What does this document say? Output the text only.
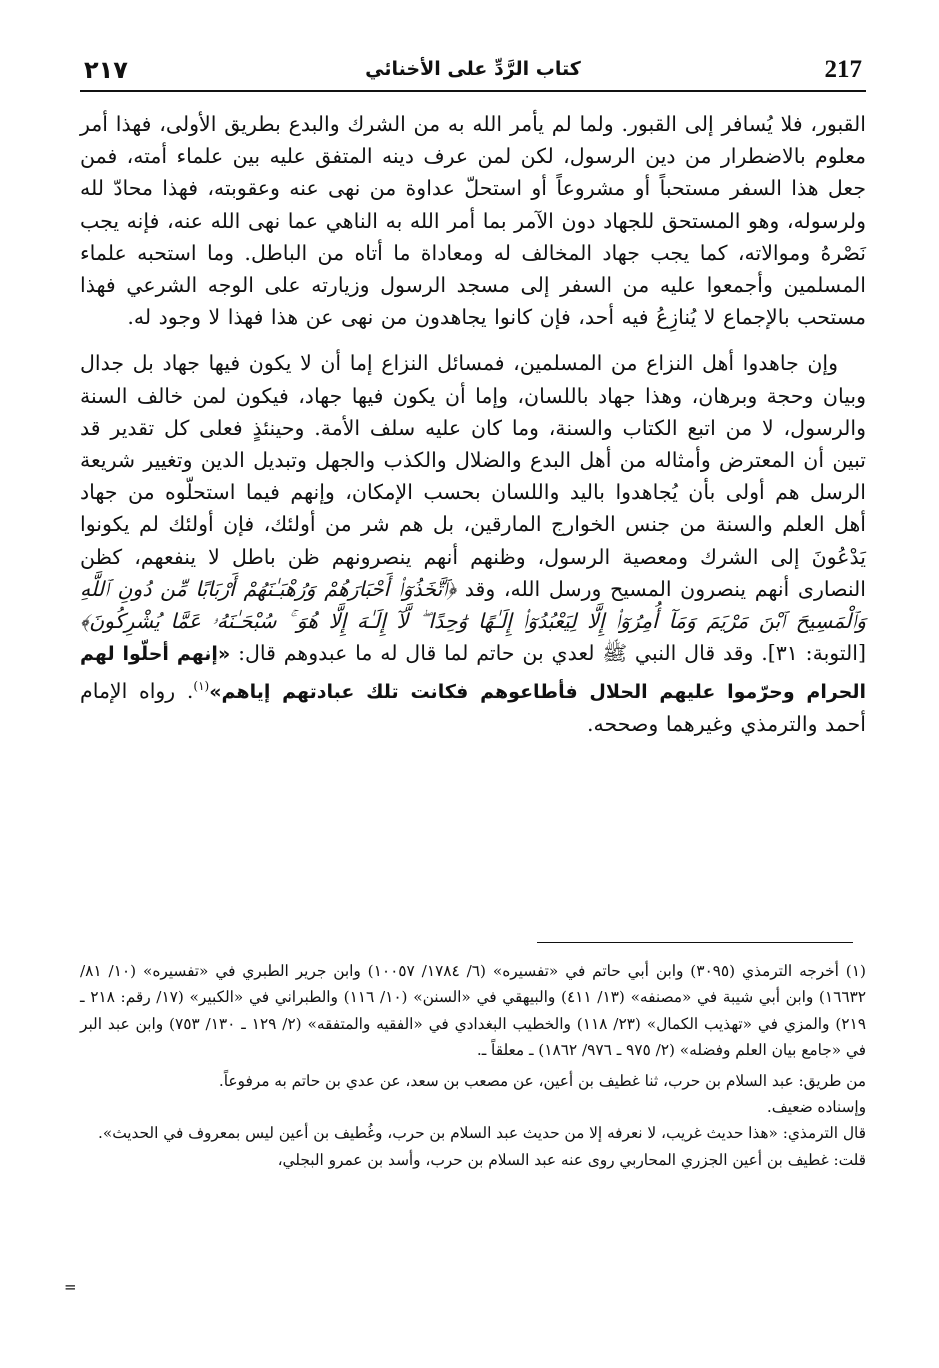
217
كتاب الرَّدِّ على الأخنائي
٢١٧

القبور، فلا يُسافر إلى القبور. ولما لم يأمر الله به من الشرك والبدع بطريق الأولى، فهذا أمر معلوم بالاضطرار من دين الرسول، لكن لمن عرف دينه المتفق عليه بين علماء أمته، فمن جعل هذا السفر مستحباً أو مشروعاً أو استحلّ عداوة من نهى عنه وعقوبته، فهذا محادّ لله ولرسوله، وهو المستحق للجهاد دون الآمر بما أمر الله به الناهي عما نهى الله عنه، فإنه يجب نَصْرهُ وموالاته، كما يجب جهاد المخالف له ومعاداة ما أتاه من الباطل. وما استحبه علماء المسلمين وأجمعوا عليه من السفر إلى مسجد الرسول وزيارته على الوجه الشرعي فهذا مستحب بالإجماع لا يُنازِعُ فيه أحد، فإن كانوا يجاهدون من نهى عن هذا فهذا لا وجود له.

وإن جاهدوا أهل النزاع من المسلمين، فمسائل النزاع إما أن لا يكون فيها جهاد بل جدال وبيان وحجة وبرهان، وهذا جهاد باللسان، وإما أن يكون فيها جهاد، فيكون لمن خالف السنة والرسول، لا من اتبع الكتاب والسنة، وما كان عليه سلف الأمة. وحينئذٍ فعلى كل تقدير قد تبين أن المعترض وأمثاله من أهل البدع والضلال والكذب والجهل وتبديل الدين وتغيير شريعة الرسل هم أولى بأن يُجاهدوا باليد واللسان بحسب الإمكان، وإنهم فيما استحلّوه من جهاد أهل العلم والسنة من جنس الخوارج المارقين، بل هم شر من أولئك، فإن أولئك لم يكونوا يَدْعُونَ إلى الشرك ومعصية الرسول، وظنهم أنهم ينصرونهم ظن باطل لا ينفعهم، كظن النصارى أنهم ينصرون المسيح ورسل الله، وقد ﴿ٱتَّخَذُوٓا۟ أَحْبَارَهُمْ وَرُهْبَـٰنَهُمْ أَرْبَابًا مِّن دُونِ ٱللَّهِ وَٱلْمَسِيحَ ٱبْنَ مَرْيَمَ وَمَآ أُمِرُوٓا۟ إِلَّا لِيَعْبُدُوٓا۟ إِلَـٰهًا وَٰحِدًا ۖ لَّآ إِلَـٰهَ إِلَّا هُوَ ۚ سُبْحَـٰنَهُۥ عَمَّا يُشْرِكُونَ﴾ [التوبة: ٣١]. وقد قال النبي ﷺ لعدي بن حاتم لما قال له ما عبدوهم قال: «إنهم أحلّوا لهم الحرام وحرّموا عليهم الحلال فأطاعوهم فكانت تلك عبادتهم إياهم»$^{(١)}$. رواه الإمام أحمد والترمذي وغيرهما وصححه.

(١) أخرجه الترمذي (٣٠٩٥) وابن أبي حاتم في «تفسيره» (٦/ ١٧٨٤/ ١٠٠٥٧) وابن جرير الطبري في «تفسيره» (١٠/ ٨١/ ١٦٦٣٢) وابن أبي شيبة في «مصنفه» (١٣/ ٤١١) والبيهقي في «السنن» (١٠/ ١١٦) والطبراني في «الكبير» (١٧/ رقم: ٢١٨ ـ ٢١٩) والمزي في «تهذيب الكمال» (٢٣/ ١١٨) والخطيب البغدادي في «الفقيه والمتفقه» (٢/ ١٢٩ ـ ١٣٠/ ٧٥٣) وابن عبد البر في «جامع بيان العلم وفضله» (٢/ ٩٧٥ ـ ٩٧٦/ ١٨٦٢) ـ معلقاً ـ.

من طريق: عبد السلام بن حرب، ثنا غطيف بن أعين، عن مصعب بن سعد، عن عدي بن حاتم به مرفوعاً.

وإسناده ضعيف.

قال الترمذي: «هذا حديث غريب، لا نعرفه إلا من حديث عبد السلام بن حرب، وغُطيف بن أعين ليس بمعروف في الحديث».

قلت: غطيف بن أعين الجزري المحاربي روى عنه عبد السلام بن حرب، وأسد بن عمرو البجلي،

=
